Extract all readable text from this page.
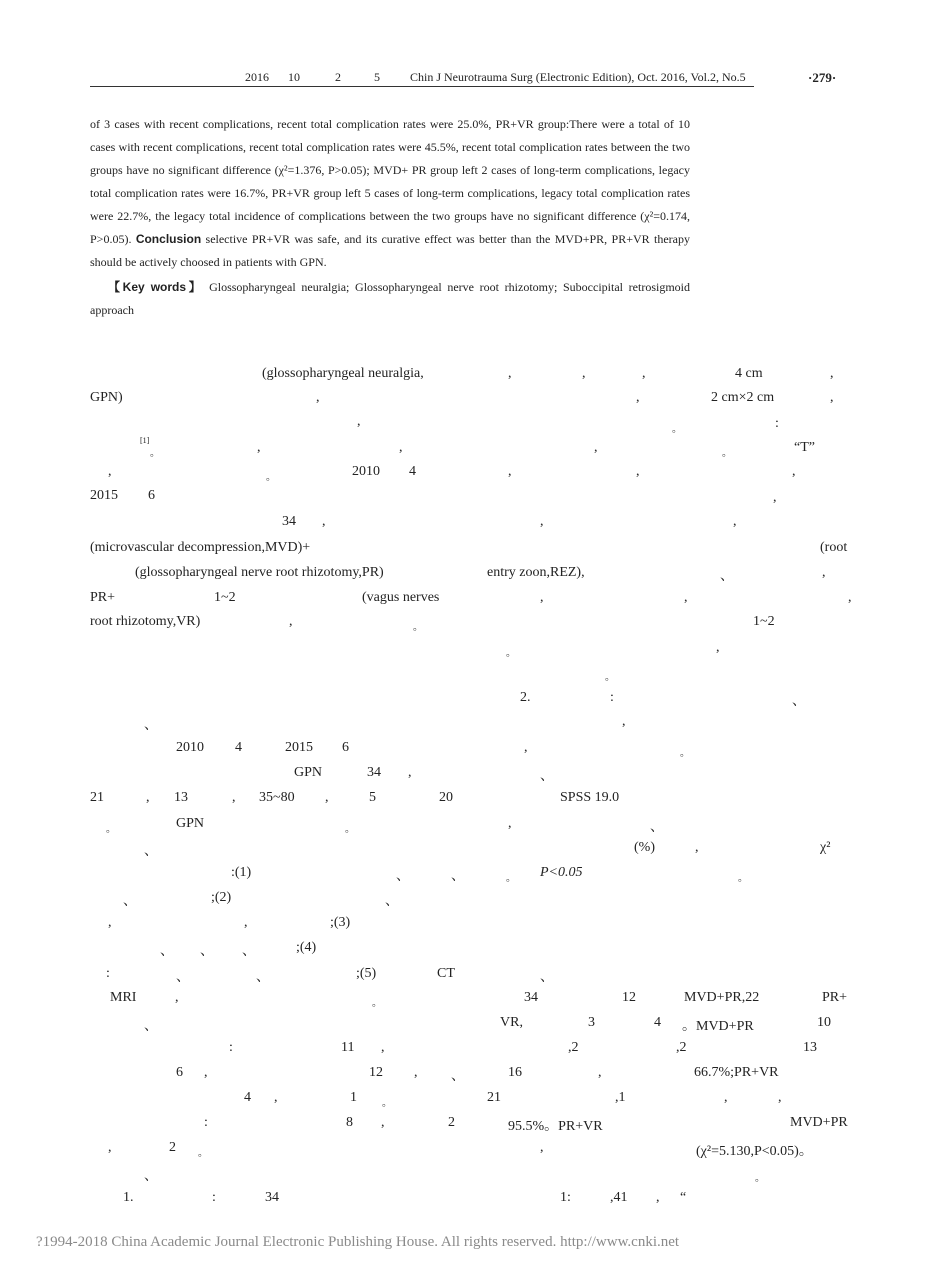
2016 10	2	5	Chin J Neurotrauma Surg (Electronic Edition), Oct. 2016, Vol.2, No.5	·279·

of 3 cases with recent complications, recent total complication rates were 25.0%, PR+VR group:There were a total of 10 cases with recent complications, recent total complication rates were 45.5%, recent total complication rates between the two groups have no significant difference (χ²=1.376, P>0.05); MVD+ PR group left 2 cases of long-term complications, legacy total complication rates were 16.7%, PR+VR group left 5 cases of long-term complications, legacy total complication rates were 22.7%, the legacy total incidence of complications between the two groups have no significant difference (χ²=0.174, P>0.05). Conclusion selective PR+VR was safe, and its curative effect was better than the MVD+PR, PR+VR therapy should be actively choosed in patients with GPN.

【Key words】 Glossopharyngeal neuralgia; Glossopharyngeal nerve root rhizotomy; Suboccipital retrosigmoid approach

(glossopharyngeal neuralgia,
GPN)	,
,
[1]
。	,	,
,	。	2010 4
2015 6
34 ,
(microvascular decompression,MVD)+
(glossopharyngeal nerve root rhizotomy,PR)
PR+	1~2	(vagus nerves
root rhizotomy,VR)	,	。
、
2010 4	2015 6
GPN	34 ,
21	, 13	, 35~80 ,	5	20
。	GPN	。
、
:(1)	、	、
、	;(2)	、
,	,	;(3)
、 、 、	;(4)
:	、	、	;(5)	CT
MRI	,	。
、
:	11 ,
6 ,	12 , 、
4 ,	1	。
:	8 ,	2
,	2 。
、
1.	:	34
,	,	,	4 cm	,
,	2 cm×2 cm	,
。	:
,	。	“T”
,	,	,
,
,	,
(root
entry zoon,REZ),	、	,
,	,	,
1~2
。	,
。
2.	:	、
,
,	。
、
SPSS 19.0
,	、
(%)	,	χ²
。 P<0.05	。
、
34	12	MVD+PR,22	PR+
VR,	3	4 。MVD+PR	10
,2	,2	13
16	,	66.7%;PR+VR
21	,1	,	,
95.5%。PR+VR	MVD+PR
,	(χ²=5.130,P<0.05)。
。
1:	,41 , “
?1994-2018 China Academic Journal Electronic Publishing House. All rights reserved. http://www.cnki.net
